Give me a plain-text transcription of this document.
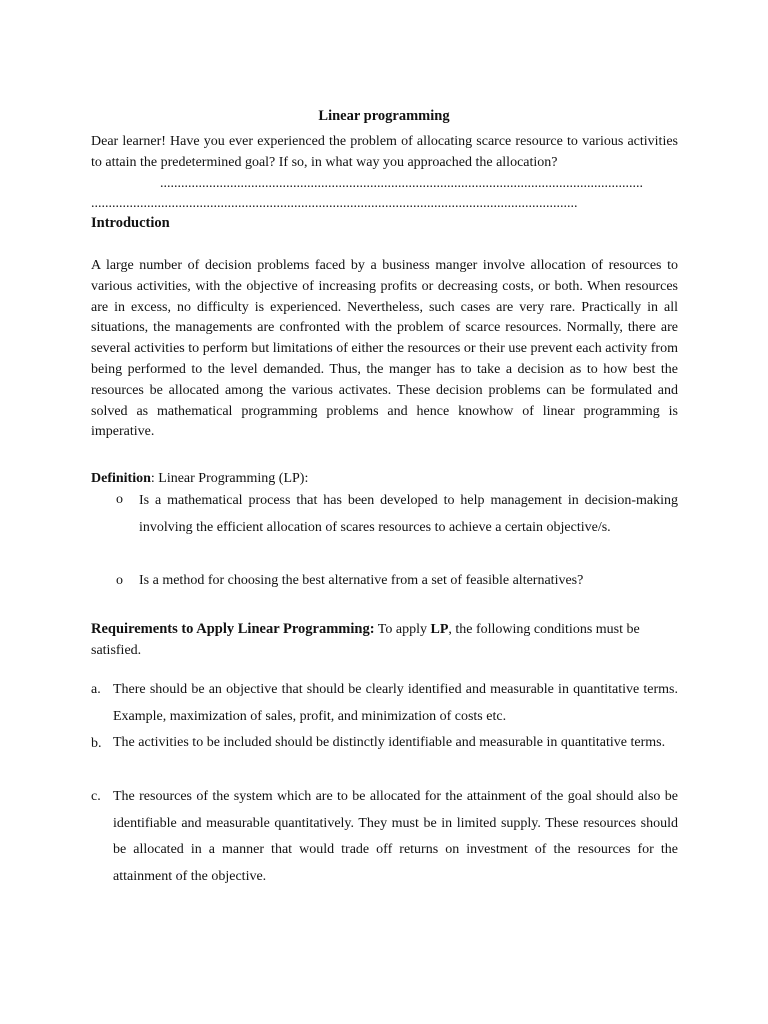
Linear programming
Dear learner! Have you ever experienced the problem of allocating scarce resource to various activities to attain the predetermined goal? If so, in what way you approached the allocation?
..........................................................................................................................................
...........................................................................................................................................
Introduction
A large number of decision problems faced by a business manger involve allocation of resources to various activities, with the objective of increasing profits or decreasing costs, or both. When resources are in excess, no difficulty is experienced. Nevertheless, such cases are very rare. Practically in all situations, the managements are confronted with the problem of scarce resources. Normally, there are several activities to perform but limitations of either the resources or their use prevent each activity from being performed to the level demanded. Thus, the manger has to take a decision as to how best the resources be allocated among the various activates. These decision problems can be formulated and solved as mathematical programming problems and hence knowhow of linear programming is imperative.
Definition: Linear Programming (LP):
o Is a mathematical process that has been developed to help management in decision-making involving the efficient allocation of scares resources to achieve a certain objective/s.
o Is a method for choosing the best alternative from a set of feasible alternatives?
Requirements to Apply Linear Programming: To apply LP, the following conditions must be satisfied.
a. There should be an objective that should be clearly identified and measurable in quantitative terms. Example, maximization of sales, profit, and minimization of costs etc.
b. The activities to be included should be distinctly identifiable and measurable in quantitative terms.
c. The resources of the system which are to be allocated for the attainment of the goal should also be identifiable and measurable quantitatively. They must be in limited supply. These resources should be allocated in a manner that would trade off returns on investment of the resources for the attainment of the objective.
